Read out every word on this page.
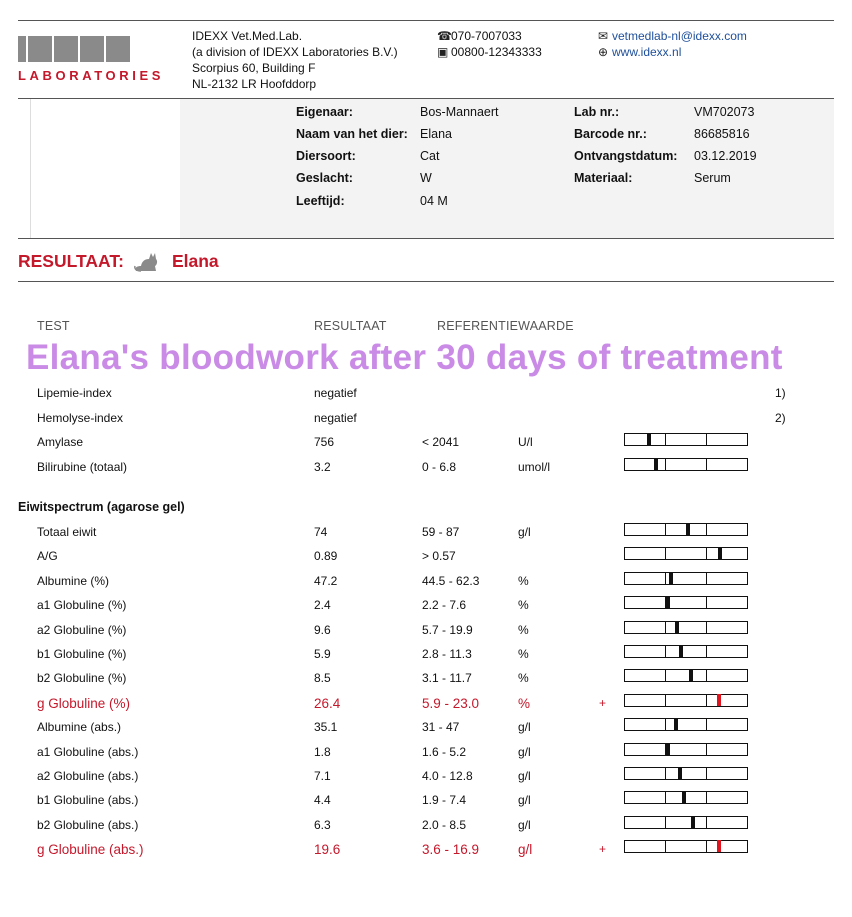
LABORATORIES
IDEXX Vet.Med.Lab.
(a division of IDEXX Laboratories B.V.)
Scorpius 60, Building F
NL-2132 LR Hoofddorp
☎070-7007033
▣ 00800-12343333
✉ vetmedlab-nl@idexx.com
⊕ www.idexx.nl
Eigenaar:	Bos-Mannaert
Naam van het dier: Elana
Diersoort:	Cat
Geslacht:	W
Leeftijd:	04 M
Lab nr.:	VM702073
Barcode nr.:	86685816
Ontvangstdatum: 03.12.2019
Materiaal:	Serum
RESULTAAT:	Elana
TEST	RESULTAAT	REFERENTIEWAARDE
Elana's bloodwork after 30 days of treatment
Lipemie-index	negatief	1)
Hemolyse-index	negatief	2)
Amylase	756	< 2041	U/l
Bilirubine (totaal)	3.2	0 - 6.8	umol/l
Eiwitspectrum (agarose gel)
Totaal eiwit	74	59 - 87	g/l
A/G	0.89	> 0.57
Albumine (%)	47.2	44.5 - 62.3	%
a1 Globuline (%)	2.4	2.2 - 7.6	%
a2 Globuline (%)	9.6	5.7 - 19.9	%
b1 Globuline (%)	5.9	2.8 - 11.3	%
b2 Globuline (%)	8.5	3.1 - 11.7	%
g Globuline (%)	26.4	5.9 - 23.0	%	+
Albumine (abs.)	35.1	31 - 47	g/l
a1 Globuline (abs.)	1.8	1.6 - 5.2	g/l
a2 Globuline (abs.)	7.1	4.0 - 12.8	g/l
b1 Globuline (abs.)	4.4	1.9 - 7.4	g/l
b2 Globuline (abs.)	6.3	2.0 - 8.5	g/l
g Globuline (abs.)	19.6	3.6 - 16.9	g/l	+
